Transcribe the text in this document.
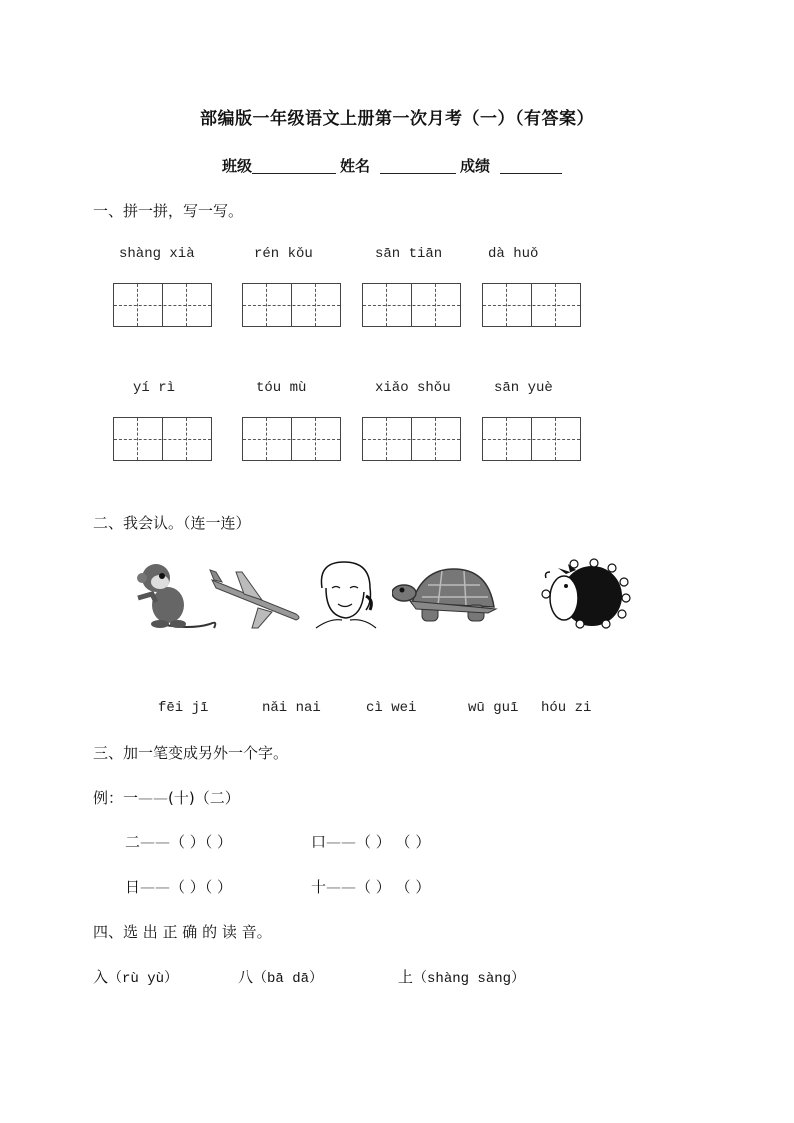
部编版一年级语文上册第一次月考（一）（有答案）
班级	姓名	成绩
一、拼一拼，写一写。
shàng xià	rén kǒu	sān tiān	dà huǒ
yí rì	tóu mù	xiǎo shǒu	sān yuè
二、我会认。（连一连）
fēi jī	nǎi nai	cì wei	wū guī hóu zi
三、加一笔变成另外一个字。
例：一——(十)（二）
二——（ ）（ ）	口——（ ） （ ）
日——（ ）（ ）	十——（ ） （ ）
四、选 出 正 确 的 读 音。
入（rù yù）	八（bā dā）	上（shàng sàng）
